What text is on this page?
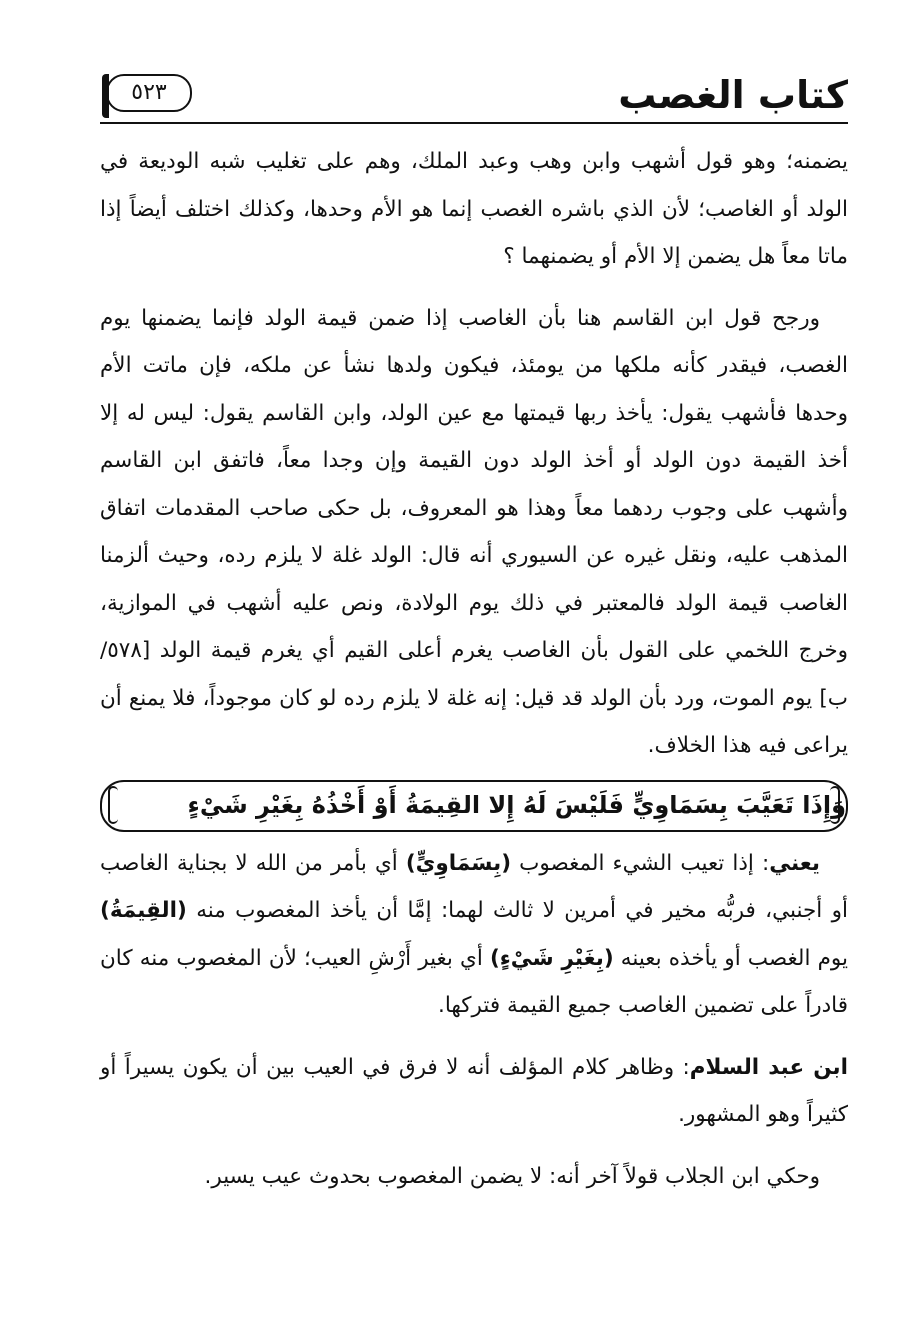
كتاب الغصب
٥٢٣

يضمنه؛ وهو قول أشهب وابن وهب وعبد الملك، وهم على تغليب شبه الوديعة في الولد أو الغاصب؛ لأن الذي باشره الغصب إنما هو الأم وحدها، وكذلك اختلف أيضاً إذا ماتا معاً هل يضمن إلا الأم أو يضمنهما ؟

ورجح قول ابن القاسم هنا بأن الغاصب إذا ضمن قيمة الولد فإنما يضمنها يوم الغصب، فيقدر كأنه ملكها من يومئذ، فيكون ولدها نشأ عن ملكه، فإن ماتت الأم وحدها فأشهب يقول: يأخذ ربها قيمتها مع عين الولد، وابن القاسم يقول: ليس له إلا أخذ القيمة دون الولد أو أخذ الولد دون القيمة وإن وجدا معاً، فاتفق ابن القاسم وأشهب على وجوب ردهما معاً وهذا هو المعروف، بل حكى صاحب المقدمات اتفاق المذهب عليه، ونقل غيره عن السيوري أنه قال: الولد غلة لا يلزم رده، وحيث ألزمنا الغاصب قيمة الولد فالمعتبر في ذلك يوم الولادة، ونص عليه أشهب في الموازية، وخرج اللخمي على القول بأن الغاصب يغرم أعلى القيم أي يغرم قيمة الولد [٥٧٨/ ب] يوم الموت، ورد بأن الولد قد قيل: إنه غلة لا يلزم رده لو كان موجوداً، فلا يمنع أن يراعى فيه هذا الخلاف.

وَإِذَا تَعَيَّبَ بِسَمَاوِيٍّ فَلَيْسَ لَهُ إِلا القِيمَةُ أَوْ أَخْذُهُ بِغَيْرِ شَيْءٍ

يعني: إذا تعيب الشيء المغصوب (بِسَمَاوِيٍّ) أي بأمر من الله لا بجناية الغاصب أو أجنبي، فربُّه مخير في أمرين لا ثالث لهما: إمَّا أن يأخذ المغصوب منه (القِيمَةُ) يوم الغصب أو يأخذه بعينه (بِغَيْرِ شَيْءٍ) أي بغير أَرْشِ العيب؛ لأن المغصوب منه كان قادراً على تضمين الغاصب جميع القيمة فتركها.

ابن عبد السلام: وظاهر كلام المؤلف أنه لا فرق في العيب بين أن يكون يسيراً أو كثيراً وهو المشهور.

وحكي ابن الجلاب قولاً آخر أنه: لا يضمن المغصوب بحدوث عيب يسير.
